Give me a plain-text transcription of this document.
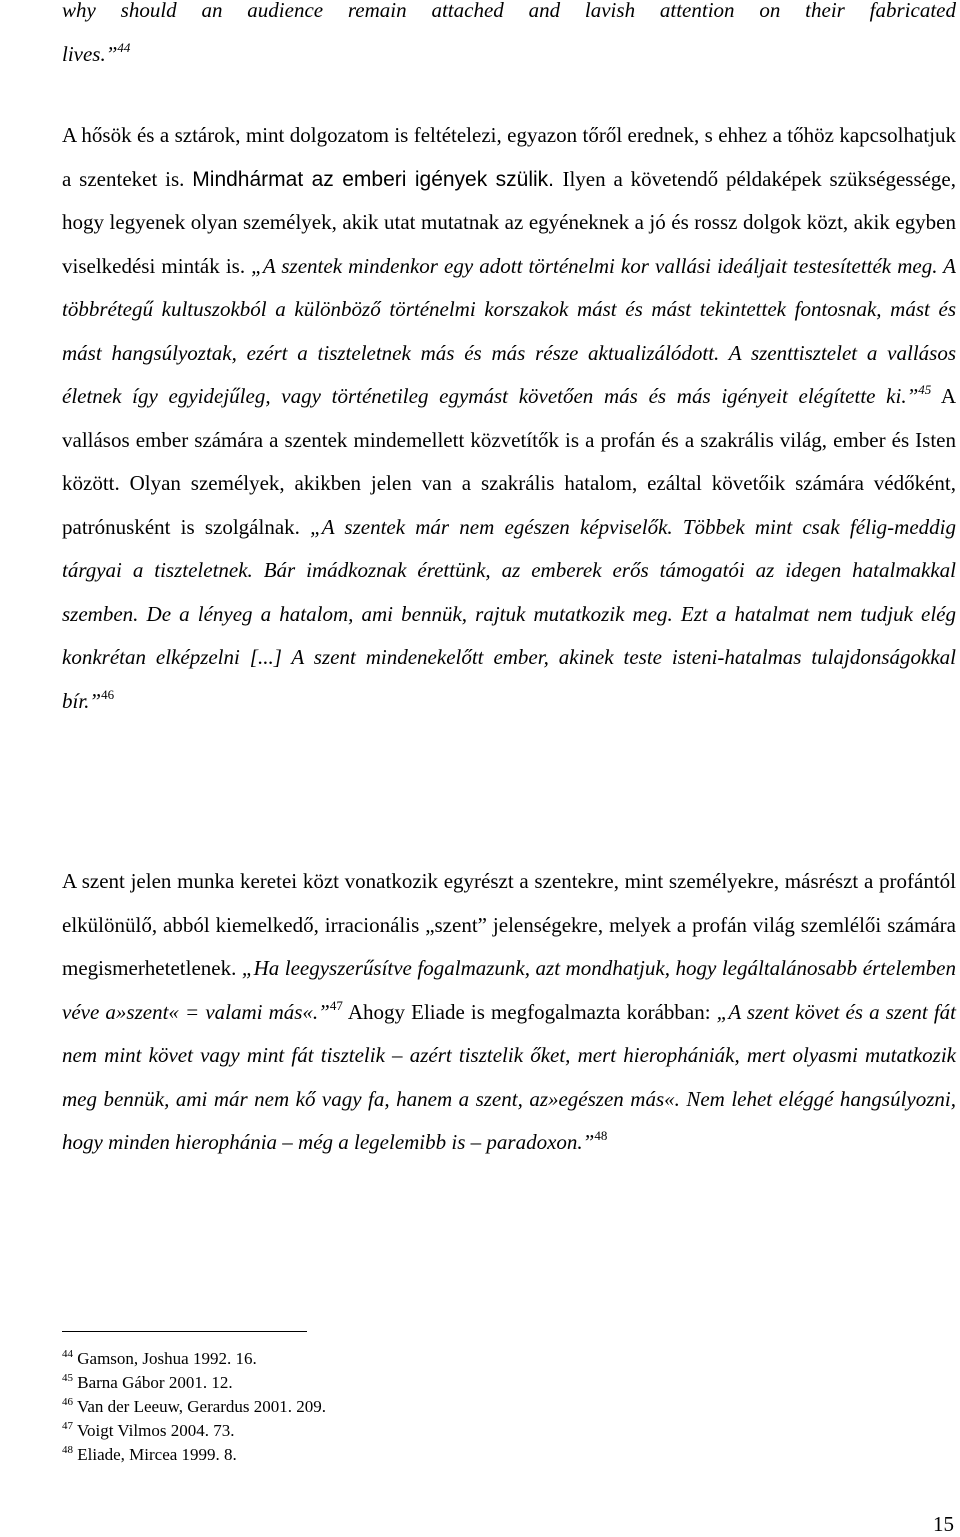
why should an audience remain attached and lavish attention on their fabricated

lives.”$^{44}$

A hősök és a sztárok, mint dolgozatom is feltételezi, egyazon tőről erednek, s ehhez a tőhöz kapcsolhatjuk a szenteket is. Mindhármat az emberi igények szülik. Ilyen a követendő példaképek szükségessége, hogy legyenek olyan személyek, akik utat mutatnak az egyéneknek a jó és rossz dolgok közt, akik egyben viselkedési minták is. „A szentek mindenkor egy adott történelmi kor vallási ideáljait testesítették meg. A többrétegű kultuszokból a különböző történelmi korszakok mást és mást tekintettek fontosnak, mást és mást hangsúlyoztak, ezért a tiszteletnek más és más része aktualizálódott. A szenttisztelet a vallásos életnek így egyidejűleg, vagy történetileg egymást követően más és más igényeit elégítette ki.”$^{45}$ A vallásos ember számára a szentek mindemellett közvetítők is a profán és a szakrális világ, ember és Isten között. Olyan személyek, akikben jelen van a szakrális hatalom, ezáltal követőik számára védőként, patrónusként is szolgálnak. „A szentek már nem egészen képviselők. Többek mint csak félig-meddig tárgyai a tiszteletnek. Bár imádkoznak érettünk, az emberek erős támogatói az idegen hatalmakkal szemben. De a lényeg a hatalom, ami bennük, rajtuk mutatkozik meg. Ezt a hatalmat nem tudjuk elég konkrétan elképzelni [...] A szent mindenekelőtt ember, akinek teste isteni-hatalmas tulajdonságokkal bír.”$^{46}$

A szent jelen munka keretei közt vonatkozik egyrészt a szentekre, mint személyekre, másrészt a profántól elkülönülő, abból kiemelkedő, irracionális „szent” jelenségekre, melyek a profán világ szemlélői számára megismerhetetlenek. „Ha leegyszerűsítve fogalmazunk, azt mondhatjuk, hogy legáltalánosabb értelemben véve a»szent« = valami más«.”$^{47}$ Ahogy Eliade is megfogalmazta korábban: „A szent követ és a szent fát nem mint követ vagy mint fát tisztelik – azért tisztelik őket, mert hierophániák, mert olyasmi mutatkozik meg bennük, ami már nem kő vagy fa, hanem a szent, az»egészen más«. Nem lehet eléggé hangsúlyozni, hogy minden hierophánia – még a legelemibb is – paradoxon.”$^{48}$

$^{44}$ Gamson, Joshua 1992. 16.
$^{45}$ Barna Gábor 2001. 12.
$^{46}$ Van der Leeuw, Gerardus 2001. 209.
$^{47}$ Voigt Vilmos 2004. 73.
$^{48}$ Eliade, Mircea 1999. 8.
15
